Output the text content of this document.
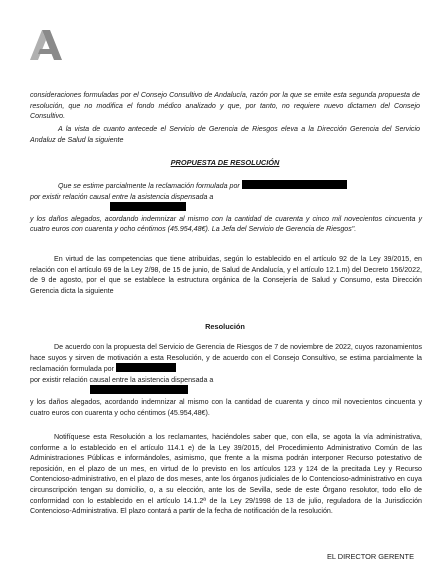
consideraciones formuladas por el Consejo Consultivo de Andalucía, razón por la que se emite esta segunda propuesta de resolución, que no modifica el fondo médico analizado y que, por tanto, no requiere nuevo dictamen del Consejo Consultivo.

A la vista de cuanto antecede el Servicio de Gerencia de Riesgos eleva a la Dirección Gerencia del Servicio Andaluz de Salud la siguiente

PROPUESTA DE RESOLUCIÓN

Que se estime parcialmente la reclamación formulada por
por existir relación causal entre la asistencia dispensada a
y los daños alegados, acordando indemnizar al mismo con la cantidad de cuarenta y cinco mil novecientos cincuenta y cuatro euros con cuarenta y ocho céntimos (45.954,48€). La Jefa del Servicio de Gerencia de Riesgos".

En virtud de las competencias que tiene atribuidas, según lo establecido en el artículo 92 de la Ley 39/2015, en relación con el artículo 69 de la Ley 2/98, de 15 de junio, de Salud de Andalucía, y el artículo 12.1.m) del Decreto 156/2022, de 9 de agosto, por el que se establece la estructura orgánica de la Consejería de Salud y Consumo, esta Dirección Gerencia dicta la siguiente

Resolución

De acuerdo con la propuesta del Servicio de Gerencia de Riesgos de 7 de noviembre de 2022, cuyos razonamientos hace suyos y sirven de motivación a esta Resolución, y de acuerdo con el Consejo Consultivo, se estima parcialmente la reclamación formulada por
por existir relación causal entre la asistencia dispensada a
y los daños alegados, acordando indemnizar al mismo con la cantidad de cuarenta y cinco mil novecientos cincuenta y cuatro euros con cuarenta y ocho céntimos (45.954,48€).

Notifíquese esta Resolución a los reclamantes, haciéndoles saber que, con ella, se agota la vía administrativa, conforme a lo establecido en el artículo 114.1 e) de la Ley 39/2015, del Procedimiento Administrativo Común de las Administraciones Públicas e informándoles, asimismo, que frente a la misma podrán interponer Recurso potestativo de reposición, en el plazo de un mes, en virtud de lo previsto en los artículos 123 y 124 de la precitada Ley y Recurso Contencioso-administrativo, en el plazo de dos meses, ante los órganos judiciales de lo Contencioso-administrativo en cuya circunscripción tengan su domicilio, o, a su elección, ante los de Sevilla, sede de este Órgano resolutor, todo ello de conformidad con lo establecido en el artículo 14.1.2ª de la Ley 29/1998 de 13 de julio, reguladora de la Jurisdicción Contencioso-Administrativa. El plazo contará a partir de la fecha de notificación de la resolución.

EL DIRECTOR GERENTE
